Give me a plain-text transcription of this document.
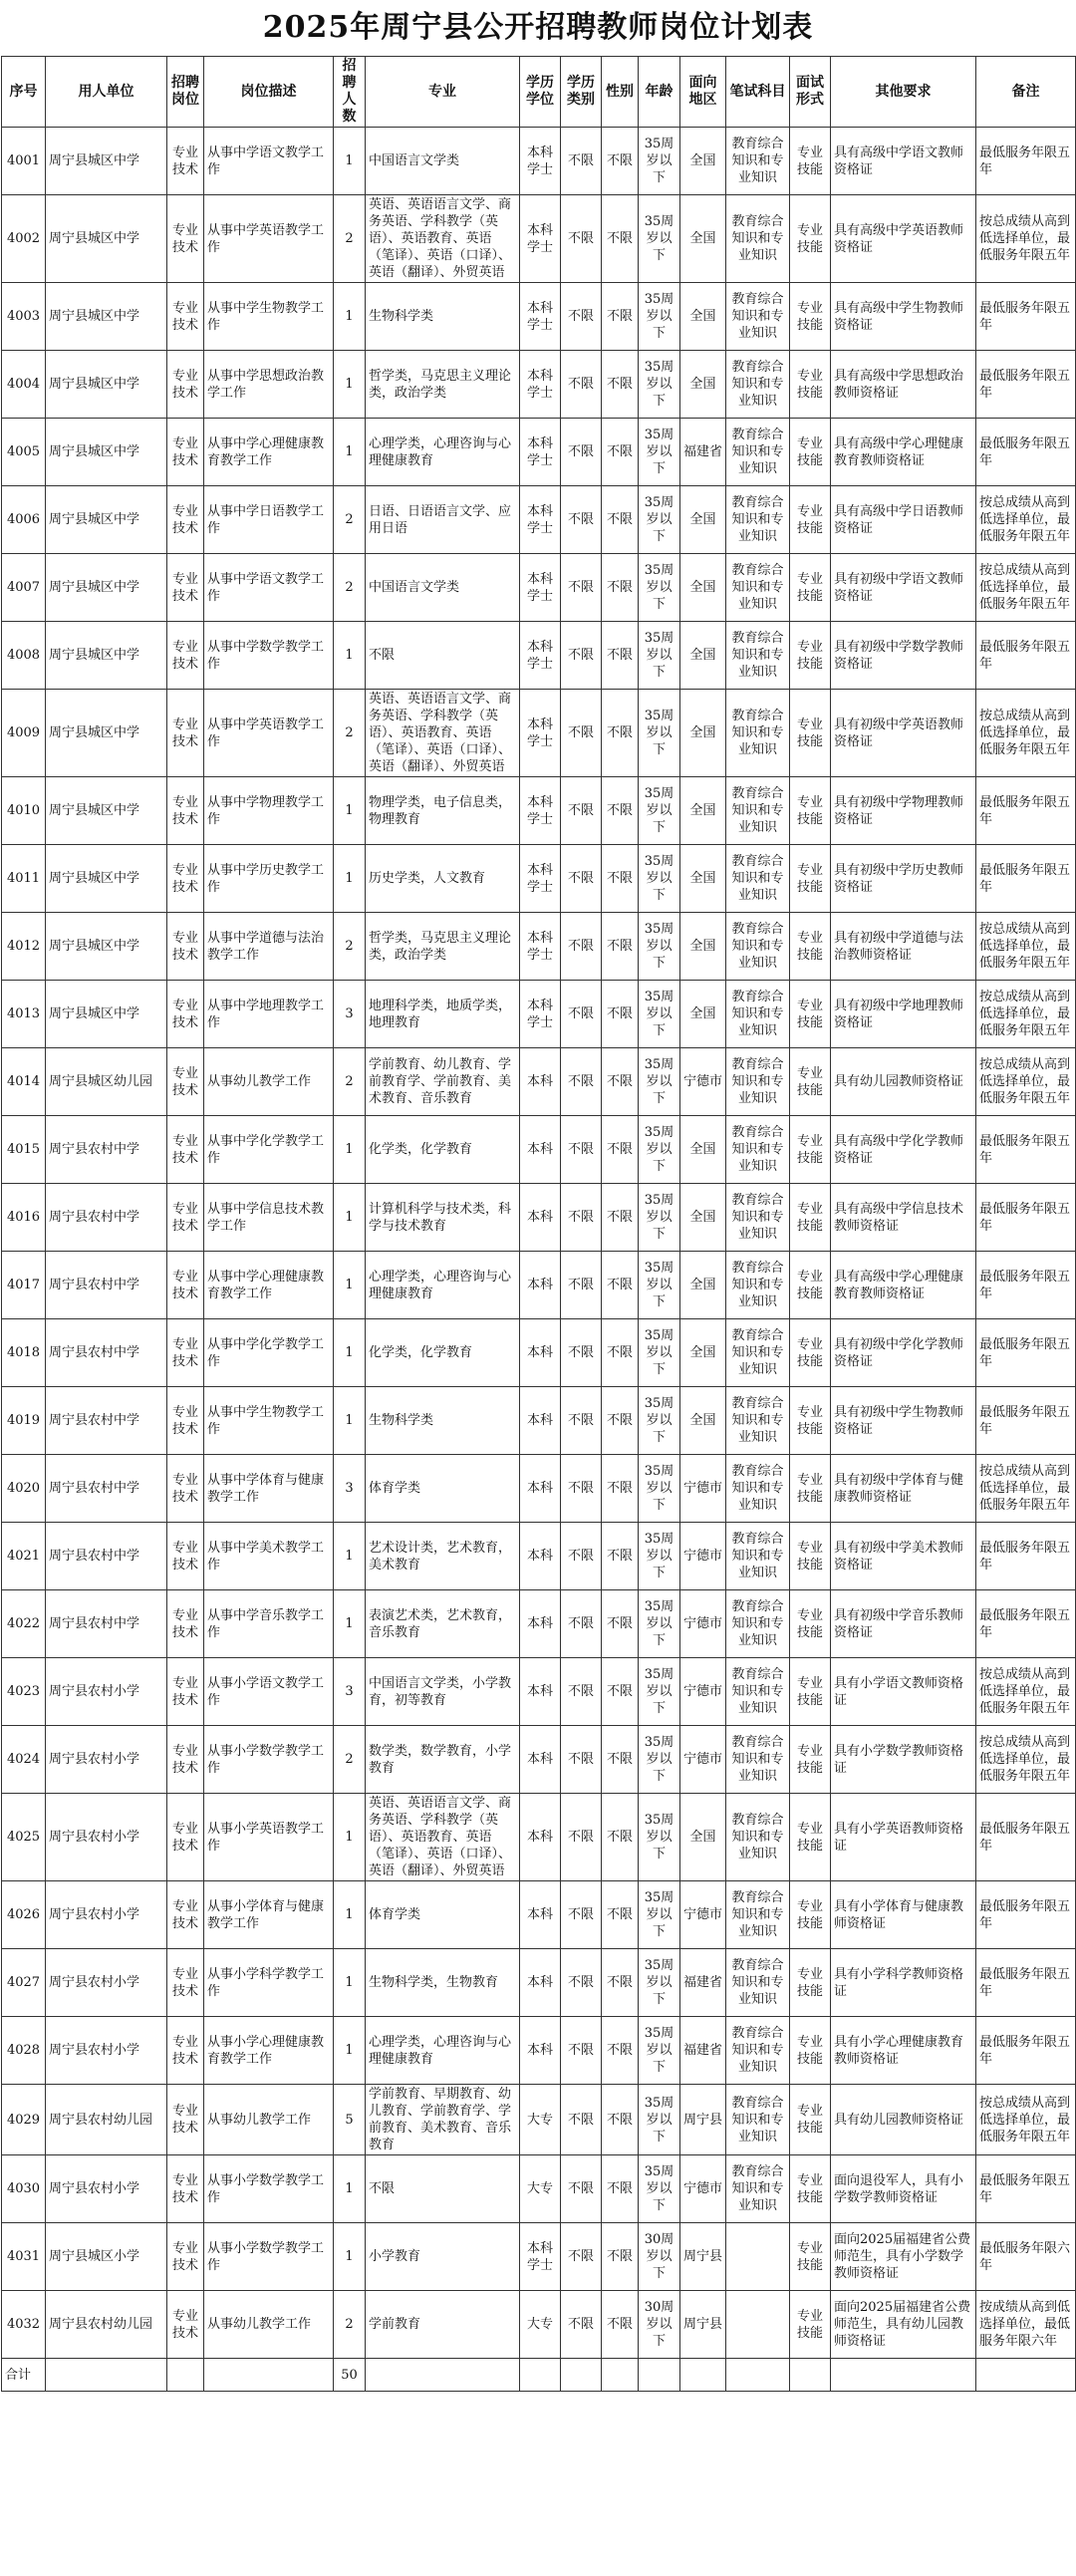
2025年周宁县公开招聘教师岗位计划表
序号	用人单位	招聘岗位	岗位描述	招聘人数	专业	学历学位	学历类别	性别	年龄	面向地区	笔试科目	面试形式	其他要求	备注
4001	周宁县城区中学	专业技术	从事中学语文教学工作	1	中国语言文学类	本科学士	不限	不限	35周岁以下	全国	教育综合知识和专业知识	专业技能	具有高级中学语文教师资格证	最低服务年限五年
4002	周宁县城区中学	专业技术	从事中学英语教学工作	2	英语、英语语言文学、商务英语、学科教学（英语）、英语教育、英语（笔译）、英语（口译）、英语（翻译）、外贸英语	本科学士	不限	不限	35周岁以下	全国	教育综合知识和专业知识	专业技能	具有高级中学英语教师资格证	按总成绩从高到低选择单位，最低服务年限五年
4003	周宁县城区中学	专业技术	从事中学生物教学工作	1	生物科学类	本科学士	不限	不限	35周岁以下	全国	教育综合知识和专业知识	专业技能	具有高级中学生物教师资格证	最低服务年限五年
4004	周宁县城区中学	专业技术	从事中学思想政治教学工作	1	哲学类，马克思主义理论类，政治学类	本科学士	不限	不限	35周岁以下	全国	教育综合知识和专业知识	专业技能	具有高级中学思想政治教师资格证	最低服务年限五年
4005	周宁县城区中学	专业技术	从事中学心理健康教育教学工作	1	心理学类，心理咨询与心理健康教育	本科学士	不限	不限	35周岁以下	福建省	教育综合知识和专业知识	专业技能	具有高级中学心理健康教育教师资格证	最低服务年限五年
4006	周宁县城区中学	专业技术	从事中学日语教学工作	2	日语、日语语言文学、应用日语	本科学士	不限	不限	35周岁以下	全国	教育综合知识和专业知识	专业技能	具有高级中学日语教师资格证	按总成绩从高到低选择单位，最低服务年限五年
4007	周宁县城区中学	专业技术	从事中学语文教学工作	2	中国语言文学类	本科学士	不限	不限	35周岁以下	全国	教育综合知识和专业知识	专业技能	具有初级中学语文教师资格证	按总成绩从高到低选择单位，最低服务年限五年
4008	周宁县城区中学	专业技术	从事中学数学教学工作	1	不限	本科学士	不限	不限	35周岁以下	全国	教育综合知识和专业知识	专业技能	具有初级中学数学教师资格证	最低服务年限五年
4009	周宁县城区中学	专业技术	从事中学英语教学工作	2	英语、英语语言文学、商务英语、学科教学（英语）、英语教育、英语（笔译）、英语（口译）、英语（翻译）、外贸英语	本科学士	不限	不限	35周岁以下	全国	教育综合知识和专业知识	专业技能	具有初级中学英语教师资格证	按总成绩从高到低选择单位，最低服务年限五年
4010	周宁县城区中学	专业技术	从事中学物理教学工作	1	物理学类，电子信息类，物理教育	本科学士	不限	不限	35周岁以下	全国	教育综合知识和专业知识	专业技能	具有初级中学物理教师资格证	最低服务年限五年
4011	周宁县城区中学	专业技术	从事中学历史教学工作	1	历史学类，人文教育	本科学士	不限	不限	35周岁以下	全国	教育综合知识和专业知识	专业技能	具有初级中学历史教师资格证	最低服务年限五年
4012	周宁县城区中学	专业技术	从事中学道德与法治教学工作	2	哲学类，马克思主义理论类，政治学类	本科学士	不限	不限	35周岁以下	全国	教育综合知识和专业知识	专业技能	具有初级中学道德与法治教师资格证	按总成绩从高到低选择单位，最低服务年限五年
4013	周宁县城区中学	专业技术	从事中学地理教学工作	3	地理科学类，地质学类，地理教育	本科学士	不限	不限	35周岁以下	全国	教育综合知识和专业知识	专业技能	具有初级中学地理教师资格证	按总成绩从高到低选择单位，最低服务年限五年
4014	周宁县城区幼儿园	专业技术	从事幼儿教学工作	2	学前教育、幼儿教育、学前教育学、学前教育、美术教育、音乐教育	本科	不限	不限	35周岁以下	宁德市	教育综合知识和专业知识	专业技能	具有幼儿园教师资格证	按总成绩从高到低选择单位，最低服务年限五年
4015	周宁县农村中学	专业技术	从事中学化学教学工作	1	化学类，化学教育	本科	不限	不限	35周岁以下	全国	教育综合知识和专业知识	专业技能	具有高级中学化学教师资格证	最低服务年限五年
4016	周宁县农村中学	专业技术	从事中学信息技术教学工作	1	计算机科学与技术类，科学与技术教育	本科	不限	不限	35周岁以下	全国	教育综合知识和专业知识	专业技能	具有高级中学信息技术教师资格证	最低服务年限五年
4017	周宁县农村中学	专业技术	从事中学心理健康教育教学工作	1	心理学类，心理咨询与心理健康教育	本科	不限	不限	35周岁以下	全国	教育综合知识和专业知识	专业技能	具有高级中学心理健康教育教师资格证	最低服务年限五年
4018	周宁县农村中学	专业技术	从事中学化学教学工作	1	化学类，化学教育	本科	不限	不限	35周岁以下	全国	教育综合知识和专业知识	专业技能	具有初级中学化学教师资格证	最低服务年限五年
4019	周宁县农村中学	专业技术	从事中学生物教学工作	1	生物科学类	本科	不限	不限	35周岁以下	全国	教育综合知识和专业知识	专业技能	具有初级中学生物教师资格证	最低服务年限五年
4020	周宁县农村中学	专业技术	从事中学体育与健康教学工作	3	体育学类	本科	不限	不限	35周岁以下	宁德市	教育综合知识和专业知识	专业技能	具有初级中学体育与健康教师资格证	按总成绩从高到低选择单位，最低服务年限五年
4021	周宁县农村中学	专业技术	从事中学美术教学工作	1	艺术设计类，艺术教育，美术教育	本科	不限	不限	35周岁以下	宁德市	教育综合知识和专业知识	专业技能	具有初级中学美术教师资格证	最低服务年限五年
4022	周宁县农村中学	专业技术	从事中学音乐教学工作	1	表演艺术类，艺术教育，音乐教育	本科	不限	不限	35周岁以下	宁德市	教育综合知识和专业知识	专业技能	具有初级中学音乐教师资格证	最低服务年限五年
4023	周宁县农村小学	专业技术	从事小学语文教学工作	3	中国语言文学类，小学教育，初等教育	本科	不限	不限	35周岁以下	宁德市	教育综合知识和专业知识	专业技能	具有小学语文教师资格证	按总成绩从高到低选择单位，最低服务年限五年
4024	周宁县农村小学	专业技术	从事小学数学教学工作	2	数学类，数学教育，小学教育	本科	不限	不限	35周岁以下	宁德市	教育综合知识和专业知识	专业技能	具有小学数学教师资格证	按总成绩从高到低选择单位，最低服务年限五年
4025	周宁县农村小学	专业技术	从事小学英语教学工作	1	英语、英语语言文学、商务英语、学科教学（英语）、英语教育、英语（笔译）、英语（口译）、英语（翻译）、外贸英语	本科	不限	不限	35周岁以下	全国	教育综合知识和专业知识	专业技能	具有小学英语教师资格证	最低服务年限五年
4026	周宁县农村小学	专业技术	从事小学体育与健康教学工作	1	体育学类	本科	不限	不限	35周岁以下	宁德市	教育综合知识和专业知识	专业技能	具有小学体育与健康教师资格证	最低服务年限五年
4027	周宁县农村小学	专业技术	从事小学科学教学工作	1	生物科学类，生物教育	本科	不限	不限	35周岁以下	福建省	教育综合知识和专业知识	专业技能	具有小学科学教师资格证	最低服务年限五年
4028	周宁县农村小学	专业技术	从事小学心理健康教育教学工作	1	心理学类，心理咨询与心理健康教育	本科	不限	不限	35周岁以下	福建省	教育综合知识和专业知识	专业技能	具有小学心理健康教育教师资格证	最低服务年限五年
4029	周宁县农村幼儿园	专业技术	从事幼儿教学工作	5	学前教育、早期教育、幼儿教育、学前教育学、学前教育、美术教育、音乐教育	大专	不限	不限	35周岁以下	周宁县	教育综合知识和专业知识	专业技能	具有幼儿园教师资格证	按总成绩从高到低选择单位，最低服务年限五年
4030	周宁县农村小学	专业技术	从事小学数学教学工作	1	不限	大专	不限	不限	35周岁以下	宁德市	教育综合知识和专业知识	专业技能	面向退役军人，具有小学数学教师资格证	最低服务年限五年
4031	周宁县城区小学	专业技术	从事小学数学教学工作	1	小学教育	本科学士	不限	不限	30周岁以下	周宁县		专业技能	面向2025届福建省公费师范生，具有小学数学教师资格证	最低服务年限六年
4032	周宁县农村幼儿园	专业技术	从事幼儿教学工作	2	学前教育	大专	不限	不限	30周岁以下	周宁县		专业技能	面向2025届福建省公费师范生，具有幼儿园教师资格证	按成绩从高到低选择单位，最低服务年限六年
合计				50										
